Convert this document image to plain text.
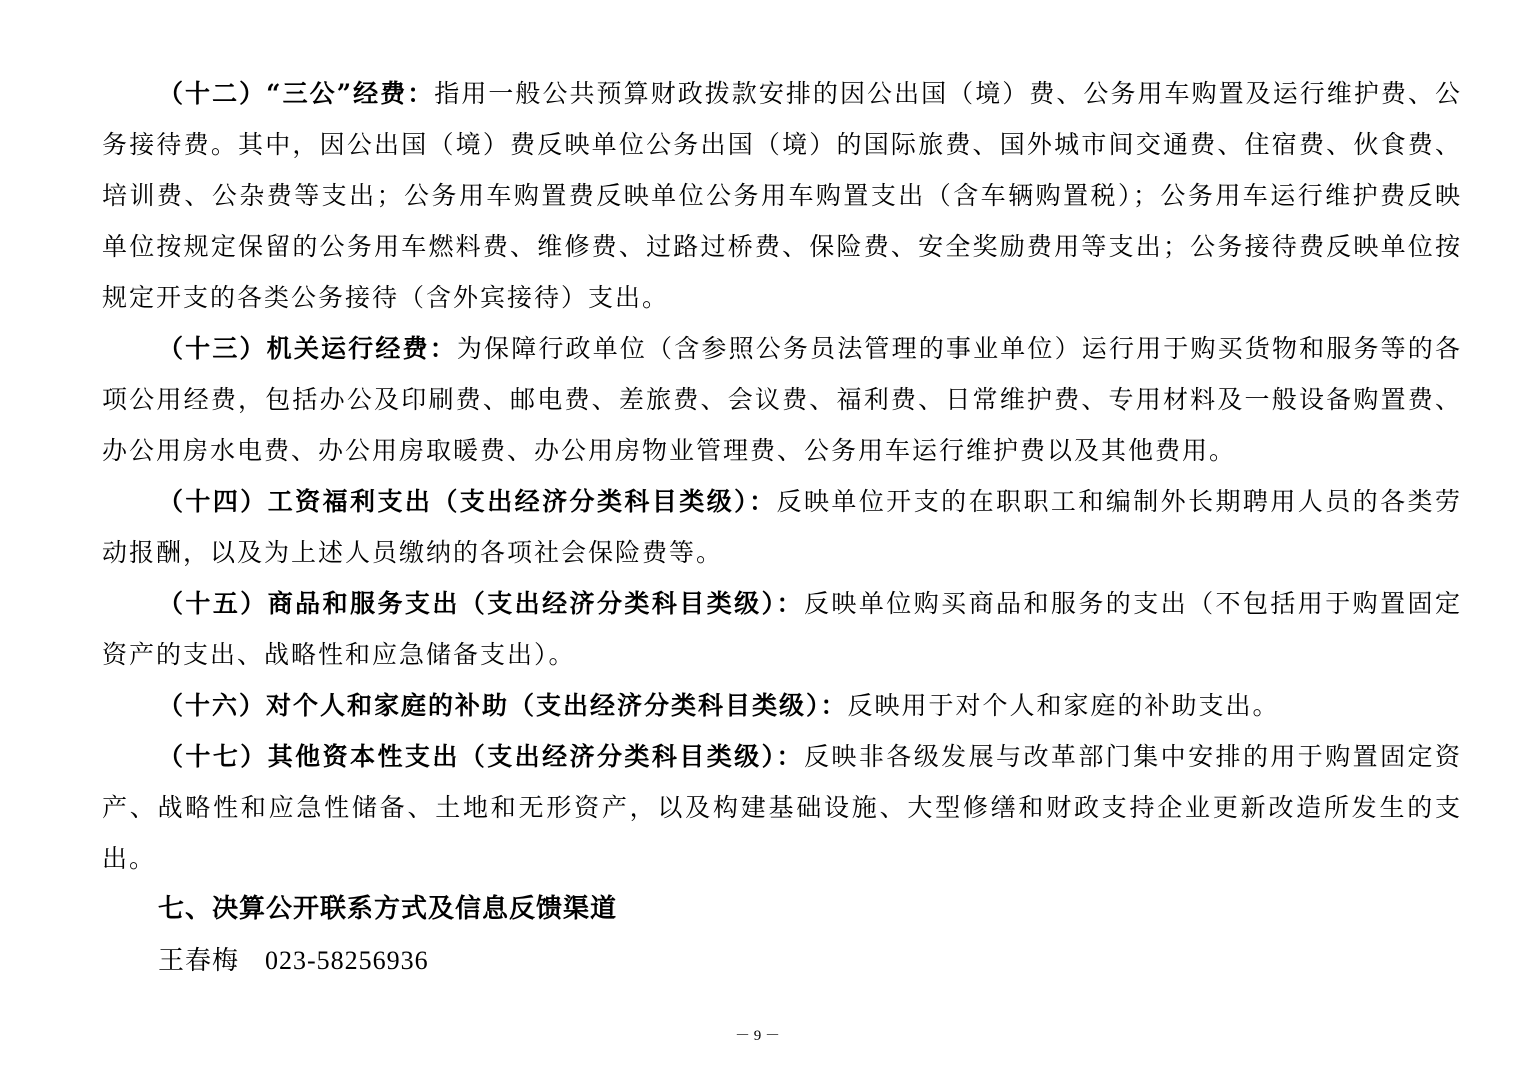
（十二）“三公”经费：指用一般公共预算财政拨款安排的因公出国（境）费、公务用车购置及运行维护费、公务接待费。其中，因公出国（境）费反映单位公务出国（境）的国际旅费、国外城市间交通费、住宿费、伙食费、培训费、公杂费等支出；公务用车购置费反映单位公务用车购置支出（含车辆购置税）；公务用车运行维护费反映单位按规定保留的公务用车燃料费、维修费、过路过桥费、保险费、安全奖励费用等支出；公务接待费反映单位按规定开支的各类公务接待（含外宾接待）支出。

（十三）机关运行经费：为保障行政单位（含参照公务员法管理的事业单位）运行用于购买货物和服务等的各项公用经费，包括办公及印刷费、邮电费、差旅费、会议费、福利费、日常维护费、专用材料及一般设备购置费、办公用房水电费、办公用房取暖费、办公用房物业管理费、公务用车运行维护费以及其他费用。

（十四）工资福利支出（支出经济分类科目类级）：反映单位开支的在职职工和编制外长期聘用人员的各类劳动报酬，以及为上述人员缴纳的各项社会保险费等。

（十五）商品和服务支出（支出经济分类科目类级）：反映单位购买商品和服务的支出（不包括用于购置固定资产的支出、战略性和应急储备支出）。

（十六）对个人和家庭的补助（支出经济分类科目类级）：反映用于对个人和家庭的补助支出。

（十七）其他资本性支出（支出经济分类科目类级）：反映非各级发展与改革部门集中安排的用于购置固定资产、战略性和应急性储备、土地和无形资产，以及构建基础设施、大型修缮和财政支持企业更新改造所发生的支出。

七、决算公开联系方式及信息反馈渠道

王春梅 023-58256936

－ 9 －
